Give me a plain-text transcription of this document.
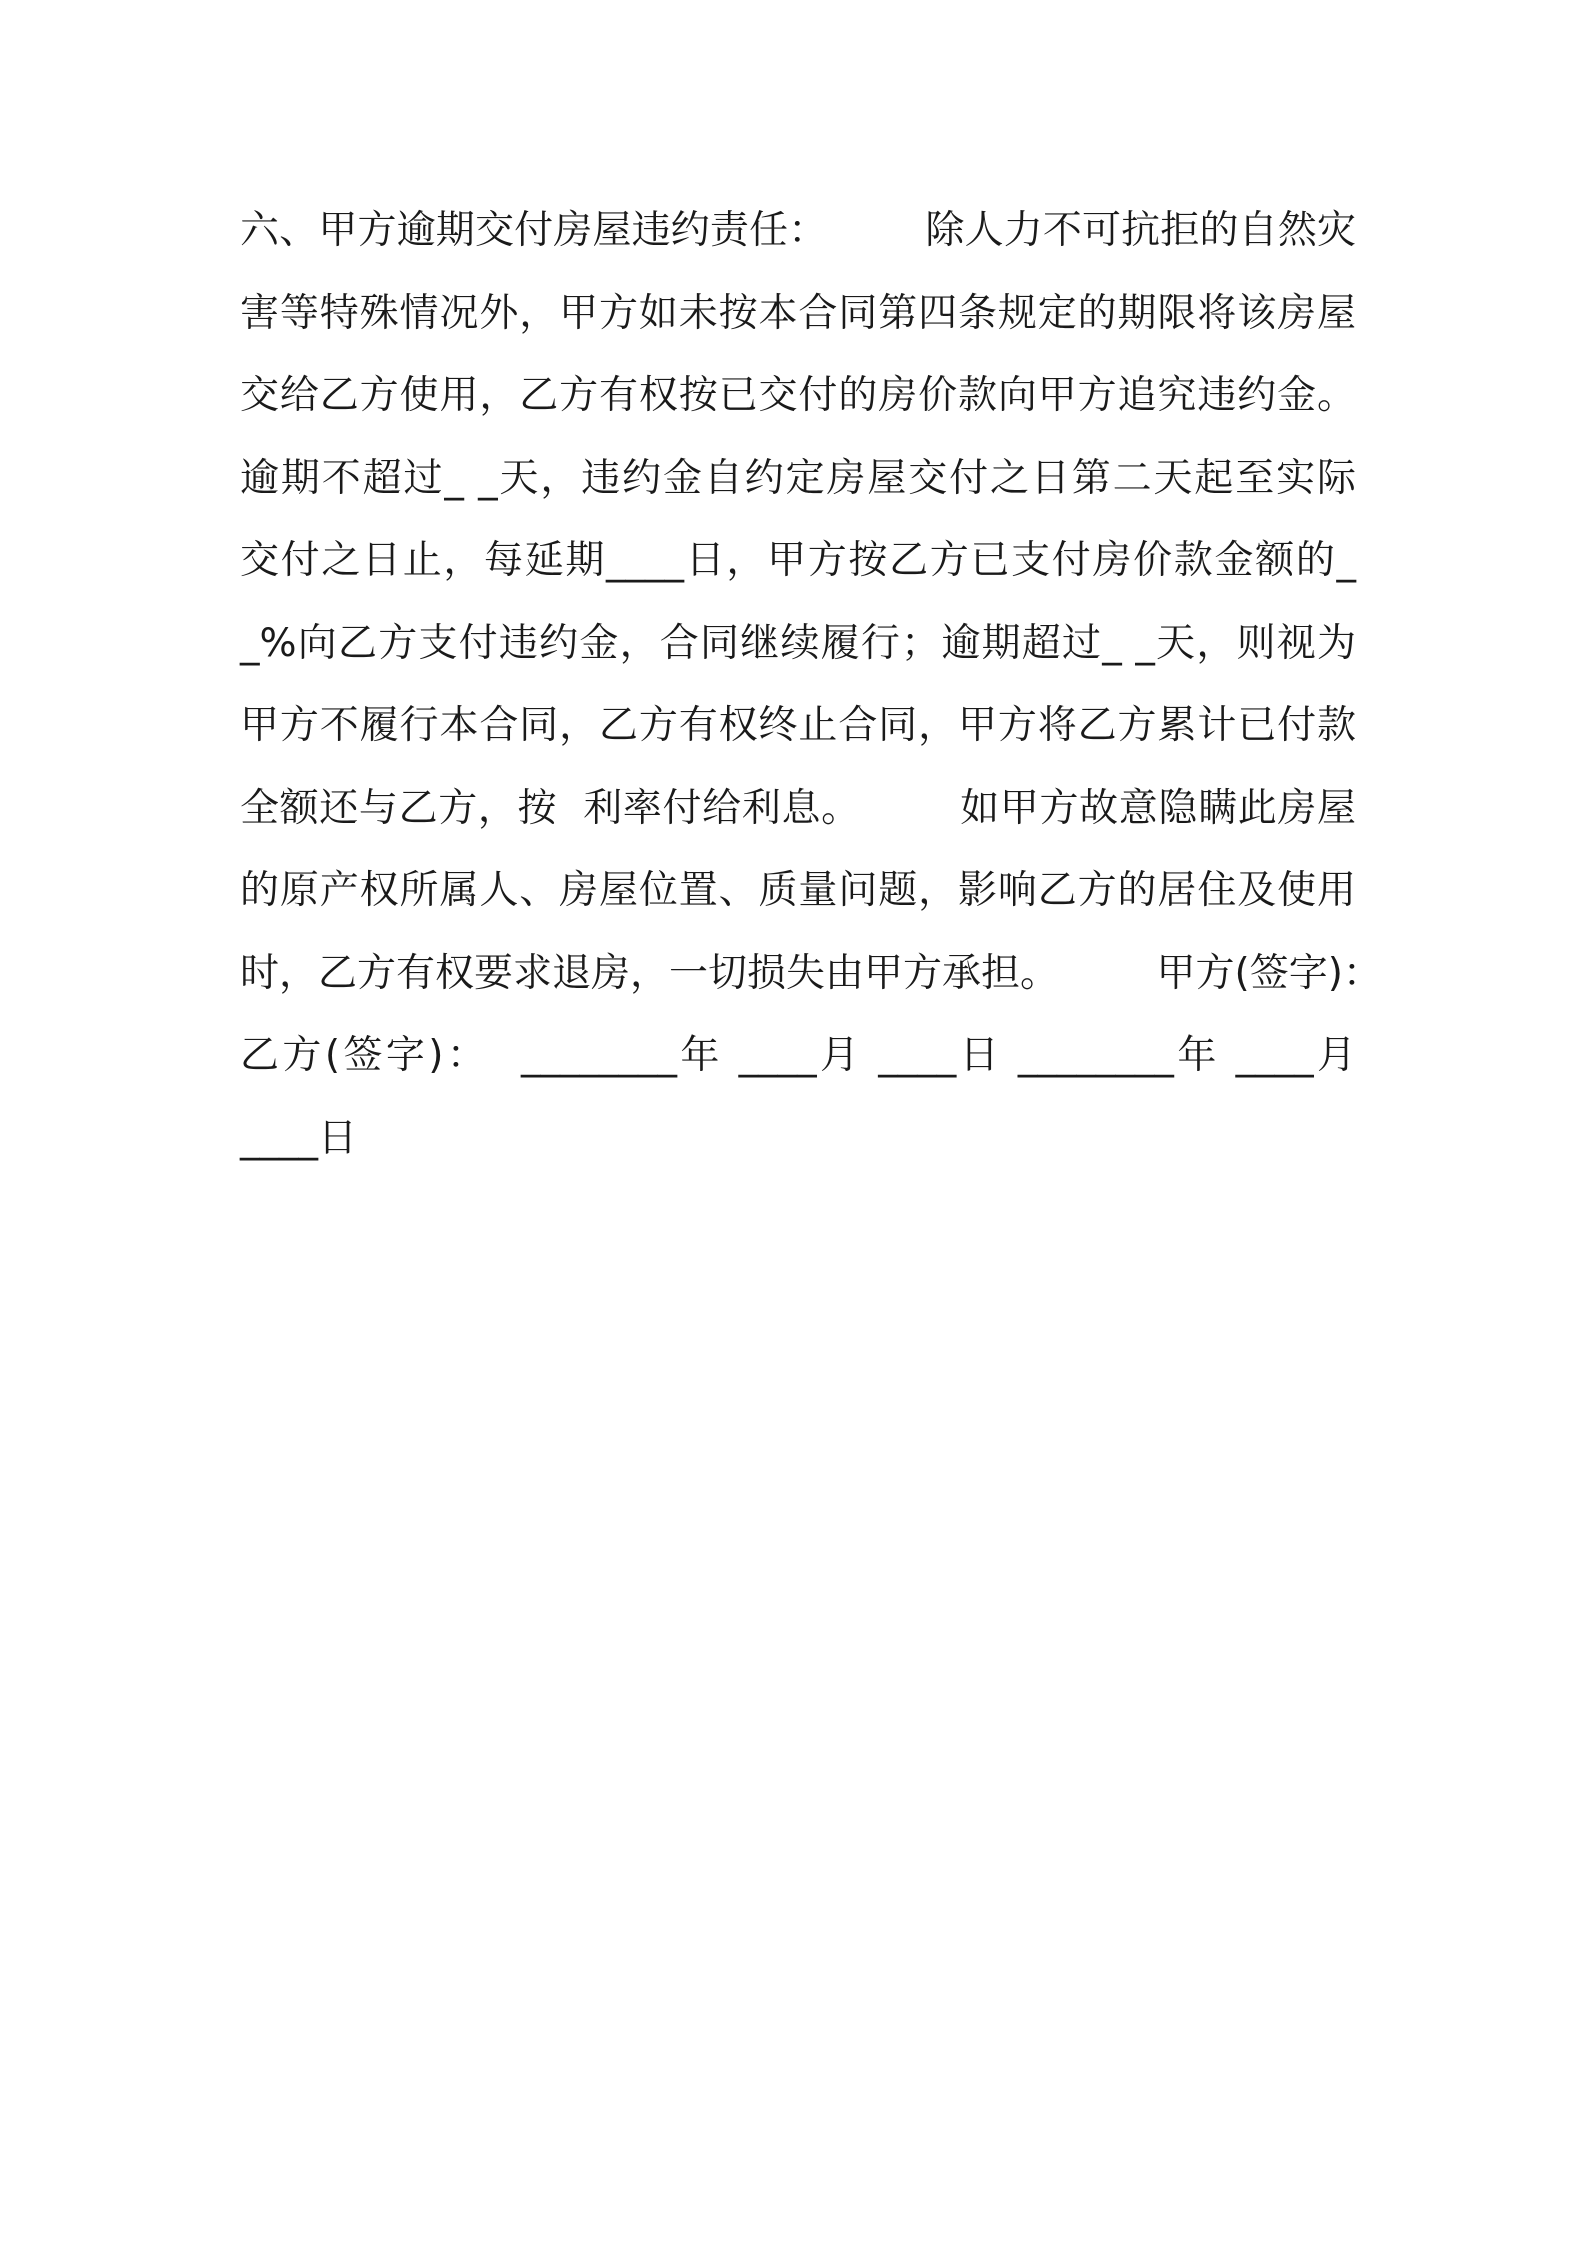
六、甲方逾期交付房屋违约责任：　　　除人力不可抗拒的自然灾
害等特殊情况外，甲方如未按本合同第四条规定的期限将该房屋
交给乙方使用，乙方有权按已交付的房价款向甲方追究违约金。
逾期不超过_ _天，违约金自约定房屋交付之日第二天起至实际
交付之日止，每延期____日，甲方按乙方已支付房价款金额的_
_%向乙方支付违约金，合同继续履行；逾期超过_ _天，则视为
甲方不履行本合同，乙方有权终止合同，甲方将乙方累计已付款
全额还与乙方，按  利率付给利息。　　　如甲方故意隐瞒此房屋
的原产权所属人、房屋位置、质量问题，影响乙方的居住及使用
时，乙方有权要求退房，一切损失由甲方承担。　　　甲方(签字)：
乙方(签字)：  ________年 ____月 ____日 ________年 ____月
____日
